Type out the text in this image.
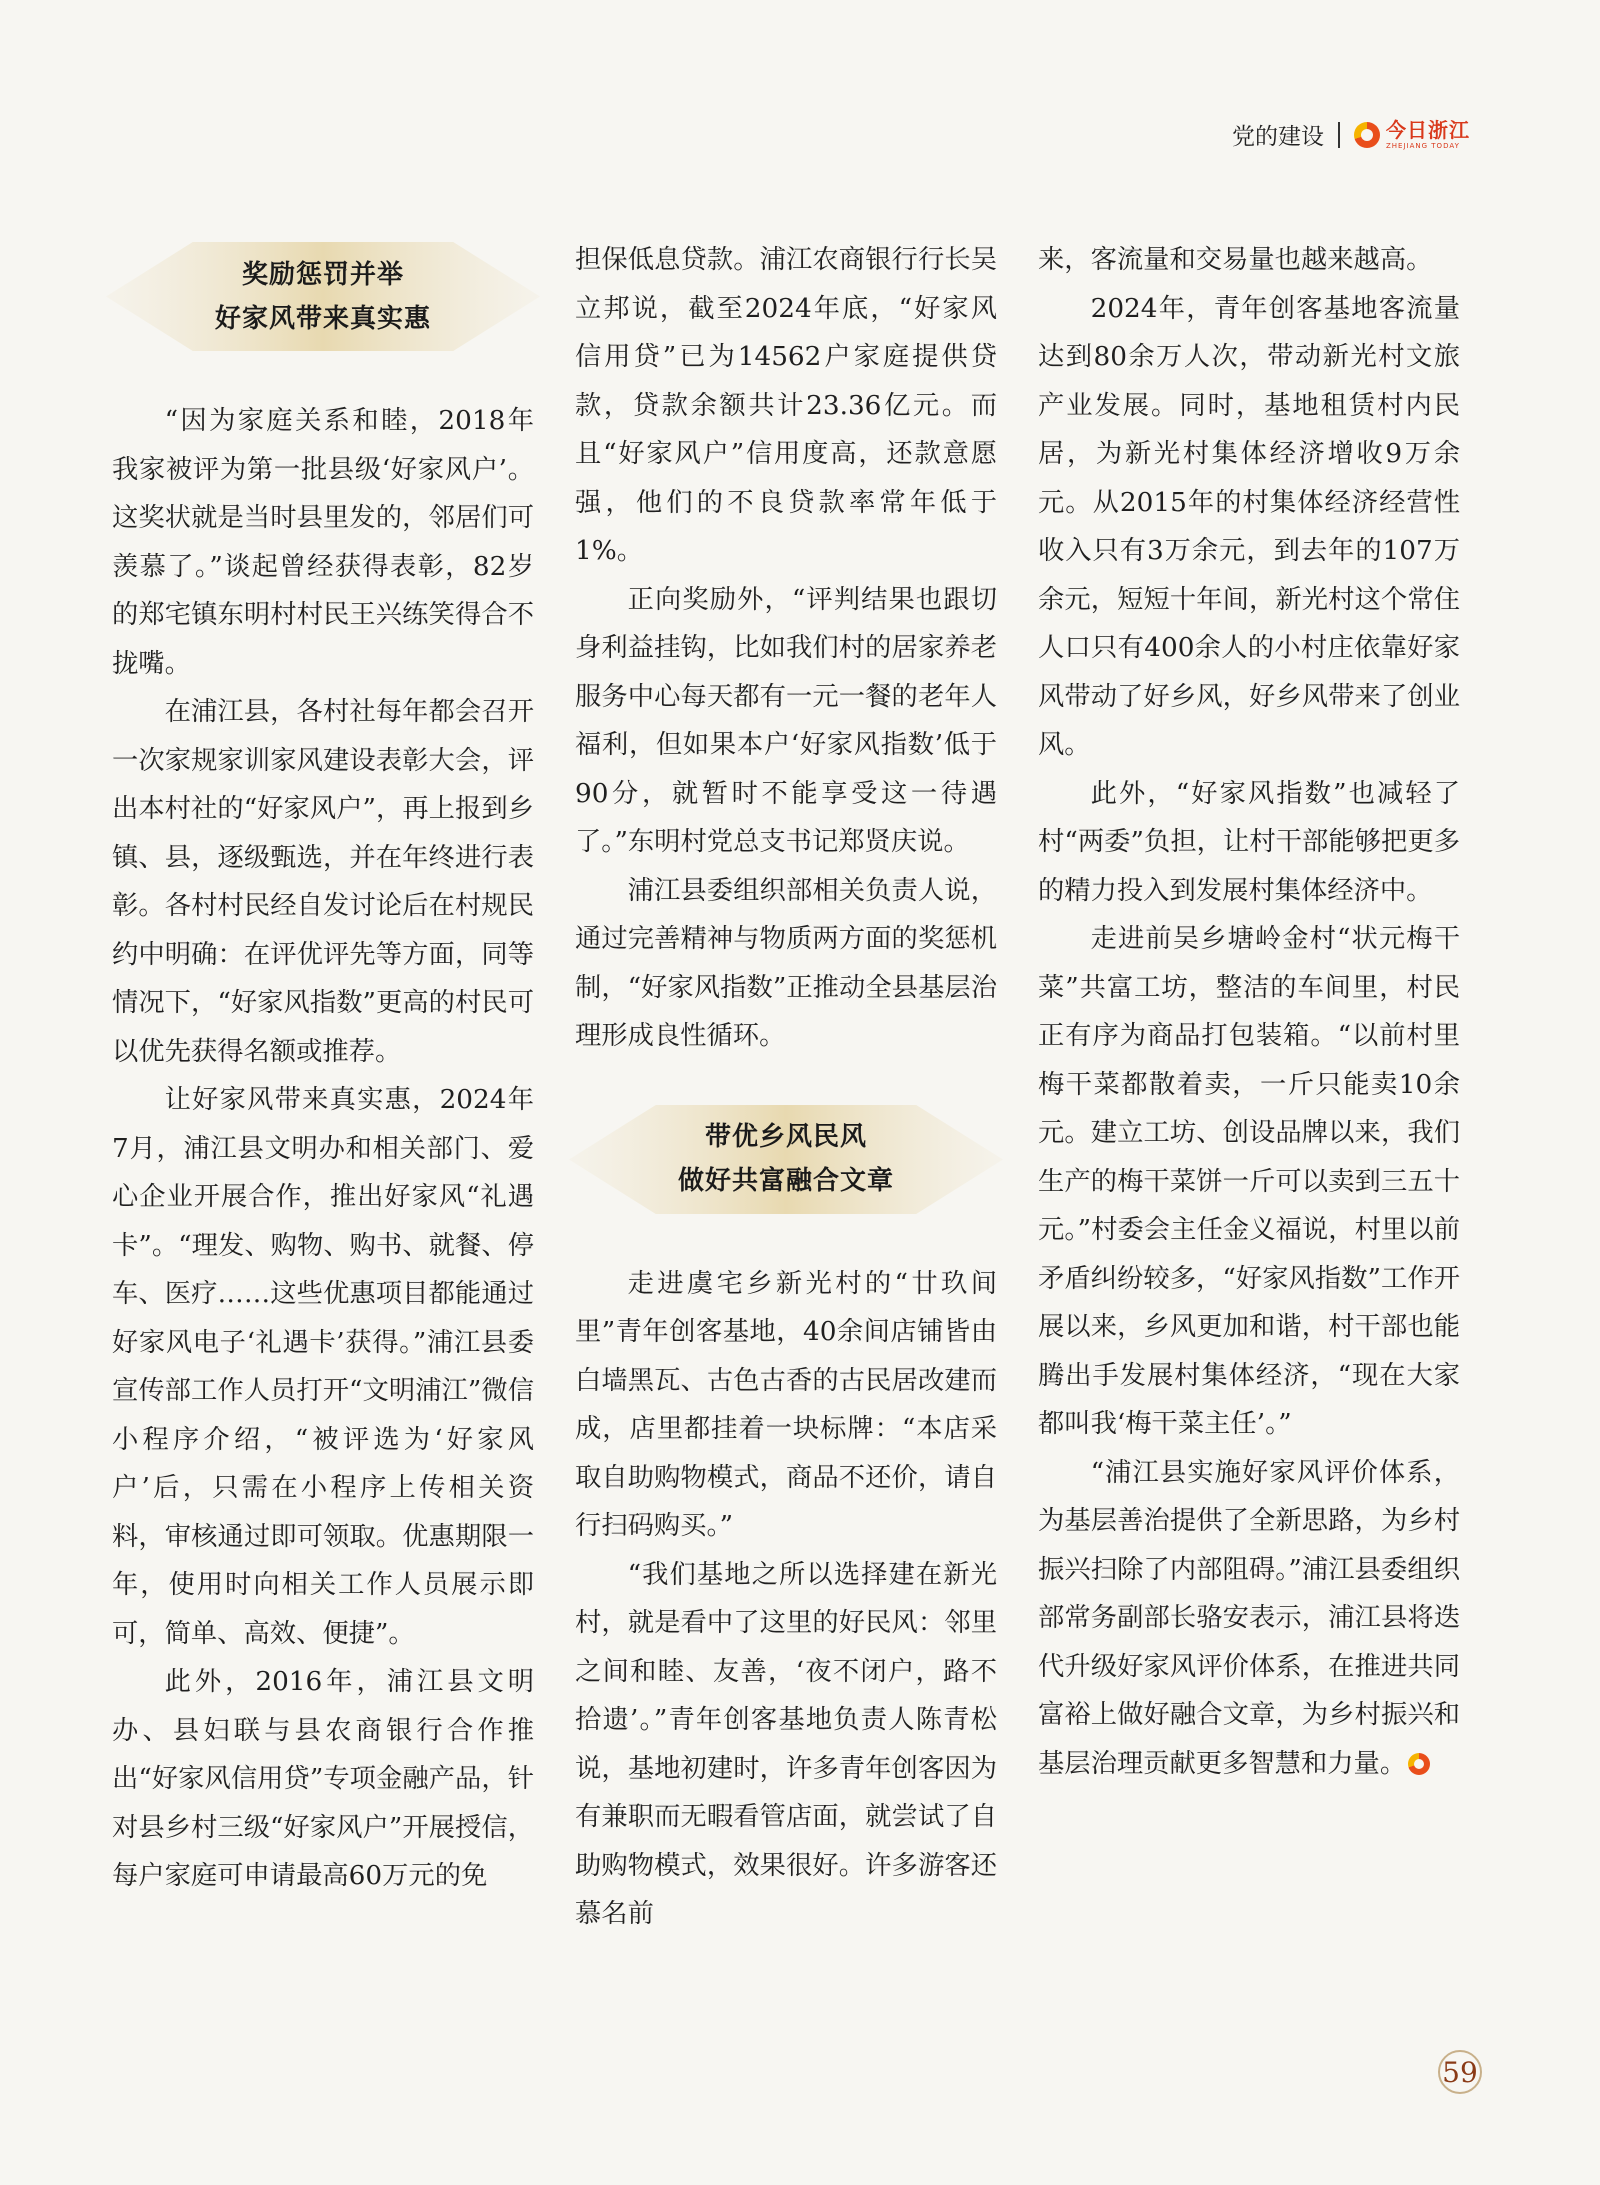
党的建设	今日浙江
ZHEJIANG TODAY
奖励惩罚并举
好家风带来真实惠

“因为家庭关系和睦，2018年我家被评为第一批县级‘好家风户’。这奖状就是当时县里发的，邻居们可羡慕了。”谈起曾经获得表彰，82岁的郑宅镇东明村村民王兴练笑得合不拢嘴。

在浦江县，各村社每年都会召开一次家规家训家风建设表彰大会，评出本村社的“好家风户”，再上报到乡镇、县，逐级甄选，并在年终进行表彰。各村村民经自发讨论后在村规民约中明确：在评优评先等方面，同等情况下，“好家风指数”更高的村民可以优先获得名额或推荐。

让好家风带来真实惠，2024年7月，浦江县文明办和相关部门、爱心企业开展合作，推出好家风“礼遇卡”。“理发、购物、购书、就餐、停车、医疗……这些优惠项目都能通过好家风电子‘礼遇卡’获得。”浦江县委宣传部工作人员打开“文明浦江”微信小程序介绍，“被评选为‘好家风户’后，只需在小程序上传相关资料，审核通过即可领取。优惠期限一年，使用时向相关工作人员展示即可，简单、高效、便捷”。

此外，2016年，浦江县文明办、县妇联与县农商银行合作推出“好家风信用贷”专项金融产品，针对县乡村三级“好家风户”开展授信，每户家庭可申请最高60万元的免

担保低息贷款。浦江农商银行行长吴立邦说，截至2024年底，“好家风信用贷”已为14562户家庭提供贷款，贷款余额共计23.36亿元。而且“好家风户”信用度高，还款意愿强，他们的不良贷款率常年低于1%。

正向奖励外，“评判结果也跟切身利益挂钩，比如我们村的居家养老服务中心每天都有一元一餐的老年人福利，但如果本户‘好家风指数’低于90分，就暂时不能享受这一待遇了。”东明村党总支书记郑贤庆说。

浦江县委组织部相关负责人说，通过完善精神与物质两方面的奖惩机制，“好家风指数”正推动全县基层治理形成良性循环。

带优乡风民风
做好共富融合文章

走进虞宅乡新光村的“廿玖间里”青年创客基地，40余间店铺皆由白墙黑瓦、古色古香的古民居改建而成，店里都挂着一块标牌：“本店采取自助购物模式，商品不还价，请自行扫码购买。”

“我们基地之所以选择建在新光村，就是看中了这里的好民风：邻里之间和睦、友善，‘夜不闭户，路不拾遗’。”青年创客基地负责人陈青松说，基地初建时，许多青年创客因为有兼职而无暇看管店面，就尝试了自助购物模式，效果很好。许多游客还慕名前

来，客流量和交易量也越来越高。

2024年，青年创客基地客流量达到80余万人次，带动新光村文旅产业发展。同时，基地租赁村内民居，为新光村集体经济增收9万余元。从2015年的村集体经济经营性收入只有3万余元，到去年的107万余元，短短十年间，新光村这个常住人口只有400余人的小村庄依靠好家风带动了好乡风，好乡风带来了创业风。

此外，“好家风指数”也减轻了村“两委”负担，让村干部能够把更多的精力投入到发展村集体经济中。

走进前吴乡塘岭金村“状元梅干菜”共富工坊，整洁的车间里，村民正有序为商品打包装箱。“以前村里梅干菜都散着卖，一斤只能卖10余元。建立工坊、创设品牌以来，我们生产的梅干菜饼一斤可以卖到三五十元。”村委会主任金义福说，村里以前矛盾纠纷较多，“好家风指数”工作开展以来，乡风更加和谐，村干部也能腾出手发展村集体经济，“现在大家都叫我‘梅干菜主任’。”

“浦江县实施好家风评价体系，为基层善治提供了全新思路，为乡村振兴扫除了内部阻碍。”浦江县委组织部常务副部长骆安表示，浦江县将迭代升级好家风评价体系，在推进共同富裕上做好融合文章，为乡村振兴和基层治理贡献更多智慧和力量。

59
